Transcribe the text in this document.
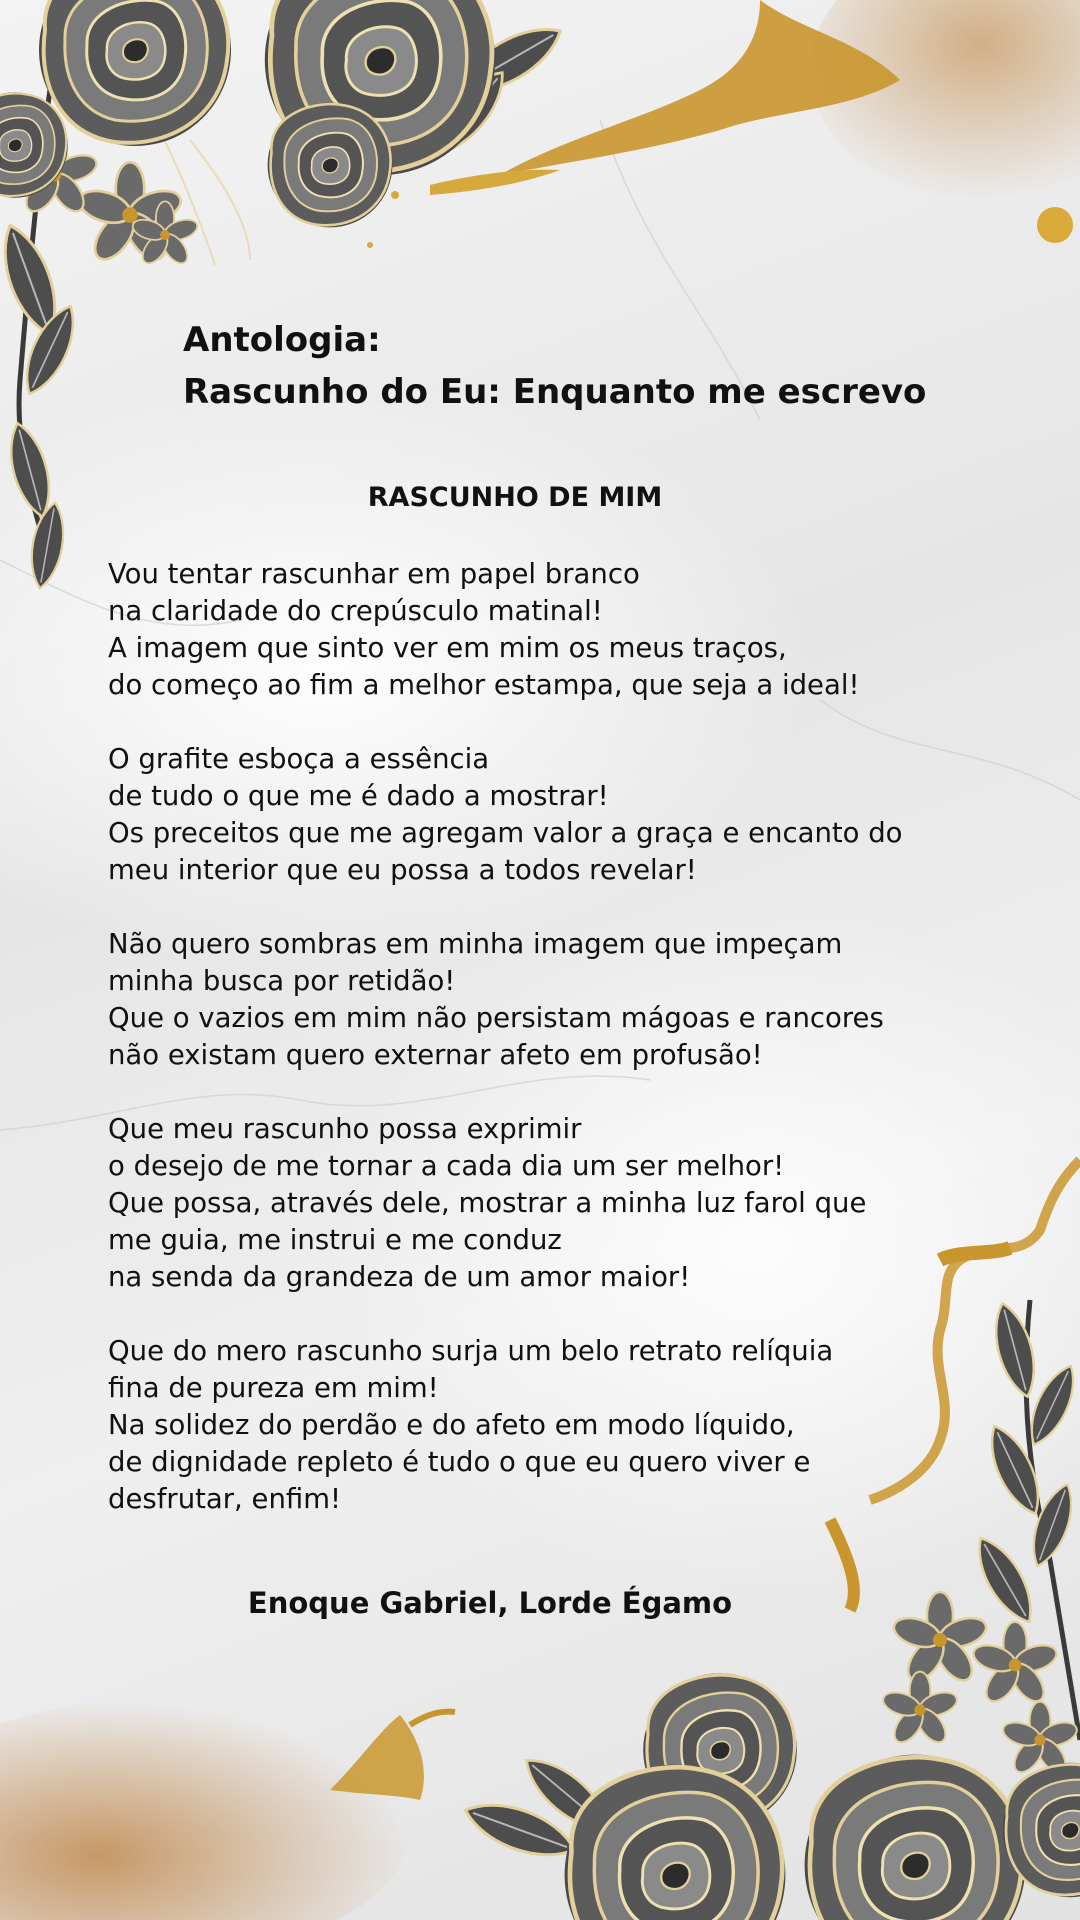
Antologia:
Rascunho do Eu: Enquanto me escrevo
RASCUNHO DE MIM

Vou tentar rascunhar em papel branco
na claridade do crepúsculo matinal!
A imagem que sinto ver em mim os meus traços,
do começo ao fim a melhor estampa, que seja a ideal!

O grafite esboça a essência
de tudo o que me é dado a mostrar!
Os preceitos que me agregam valor a graça e encanto do
meu interior que eu possa a todos revelar!

Não quero sombras em minha imagem que impeçam
minha busca por retidão!
Que o vazios em mim não persistam mágoas e rancores
não existam quero externar afeto em profusão!

Que meu rascunho possa exprimir
o desejo de me tornar a cada dia um ser melhor!
Que possa, através dele, mostrar a minha luz farol que
me guia, me instrui e me conduz
na senda da grandeza de um amor maior!

Que do mero rascunho surja um belo retrato relíquia
fina de pureza em mim!
Na solidez do perdão e do afeto em modo líquido,
de dignidade repleto é tudo o que eu quero viver e
desfrutar, enfim!

Enoque Gabriel, Lorde Égamo
